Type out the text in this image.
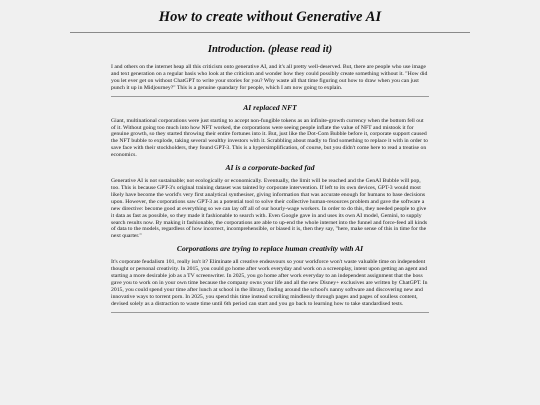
How to create without Generative AI
Introduction. (please read it)

I and others on the internet heap all this criticism onto generative AI, and it's all pretty well-deserved. But, there are people who use image and text generation on a regular basis who look at the criticism and wonder how they could possibly create something without it. "How did you let ever get on without ChatGPT to write your stories for you? Why waste all that time figuring out how to draw when you can just punch it up in Midjourney?" This is a genuine quandary for people, which I am now going to explain.

AI replaced NFT

Giant, multinational corporations were just starting to accept non-fungible tokens as an infinite-growth currency when the bottom fell out of it. Without going too much into how NFT worked, the corporations were seeing people inflate the value of NFT and mistook it for genuine growth, so they started throwing their entire fortunes into it. But, just like the Dot-Com Bubble before it, corporate support caused the NFT bubble to explode, taking several wealthy investors with it. Scrabbling about madly to find something to replace it with in order to save face with their stockholders, they found GPT-3. This is a hypersimplification, of course, but you didn't come here to read a treatise on economics.

AI is a corporate-backed fad

Generative AI is not sustainable; not ecologically or economically. Eventually, the limit will be reached and the GenAI Bubble will pop, too. This is because GPT-3's original training dataset was tainted by corporate intervention. If left to its own devices, GPT-3 would most likely have become the world's very first analytical synthesiser, giving information that was accurate enough for humans to base decisions upon. However, the corporations saw GPT-3 as a potential tool to solve their collective human-resources problem and gave the software a new directive: become good at everything so we can lay off all of our hourly-wage workers. In order to do this, they needed people to give it data as fast as possible, so they made it fashionable to search with. Even Google gave in and uses its own AI model, Gemini, to supply search results now. By making it fashionable, the corporations are able to up-end the whole internet into the funnel and force-feed all kinds of data to the models, regardless of how incorrect, incomprehensible, or biased it is, then they say, "here, make sense of this in time for the next quarter."

Corporations are trying to replace human creativity with AI

It's corporate feudalism 101, really isn't it? Eliminate all creative endeavours so your workforce won't waste valuable time on independent thought or personal creativity. In 2015, you could go home after work everyday and work on a screenplay, intent upon getting an agent and starting a more desirable job as a TV screenwriter. In 2025, you go home after work everyday to an independent assignment that the boss gave you to work on in your own time because the company owns your life and all the new Disney+ exclusives are written by ChatGPT. In 2015, you could spend your time after lunch at school in the library, finding around the school's nanny software and discovering new and innovative ways to torrent porn. In 2025, you spend this time instead scrolling mindlessly through pages and pages of soulless content, devised solely as a distraction to waste time until 6th period can start and you go back to learning how to take standardised tests.
